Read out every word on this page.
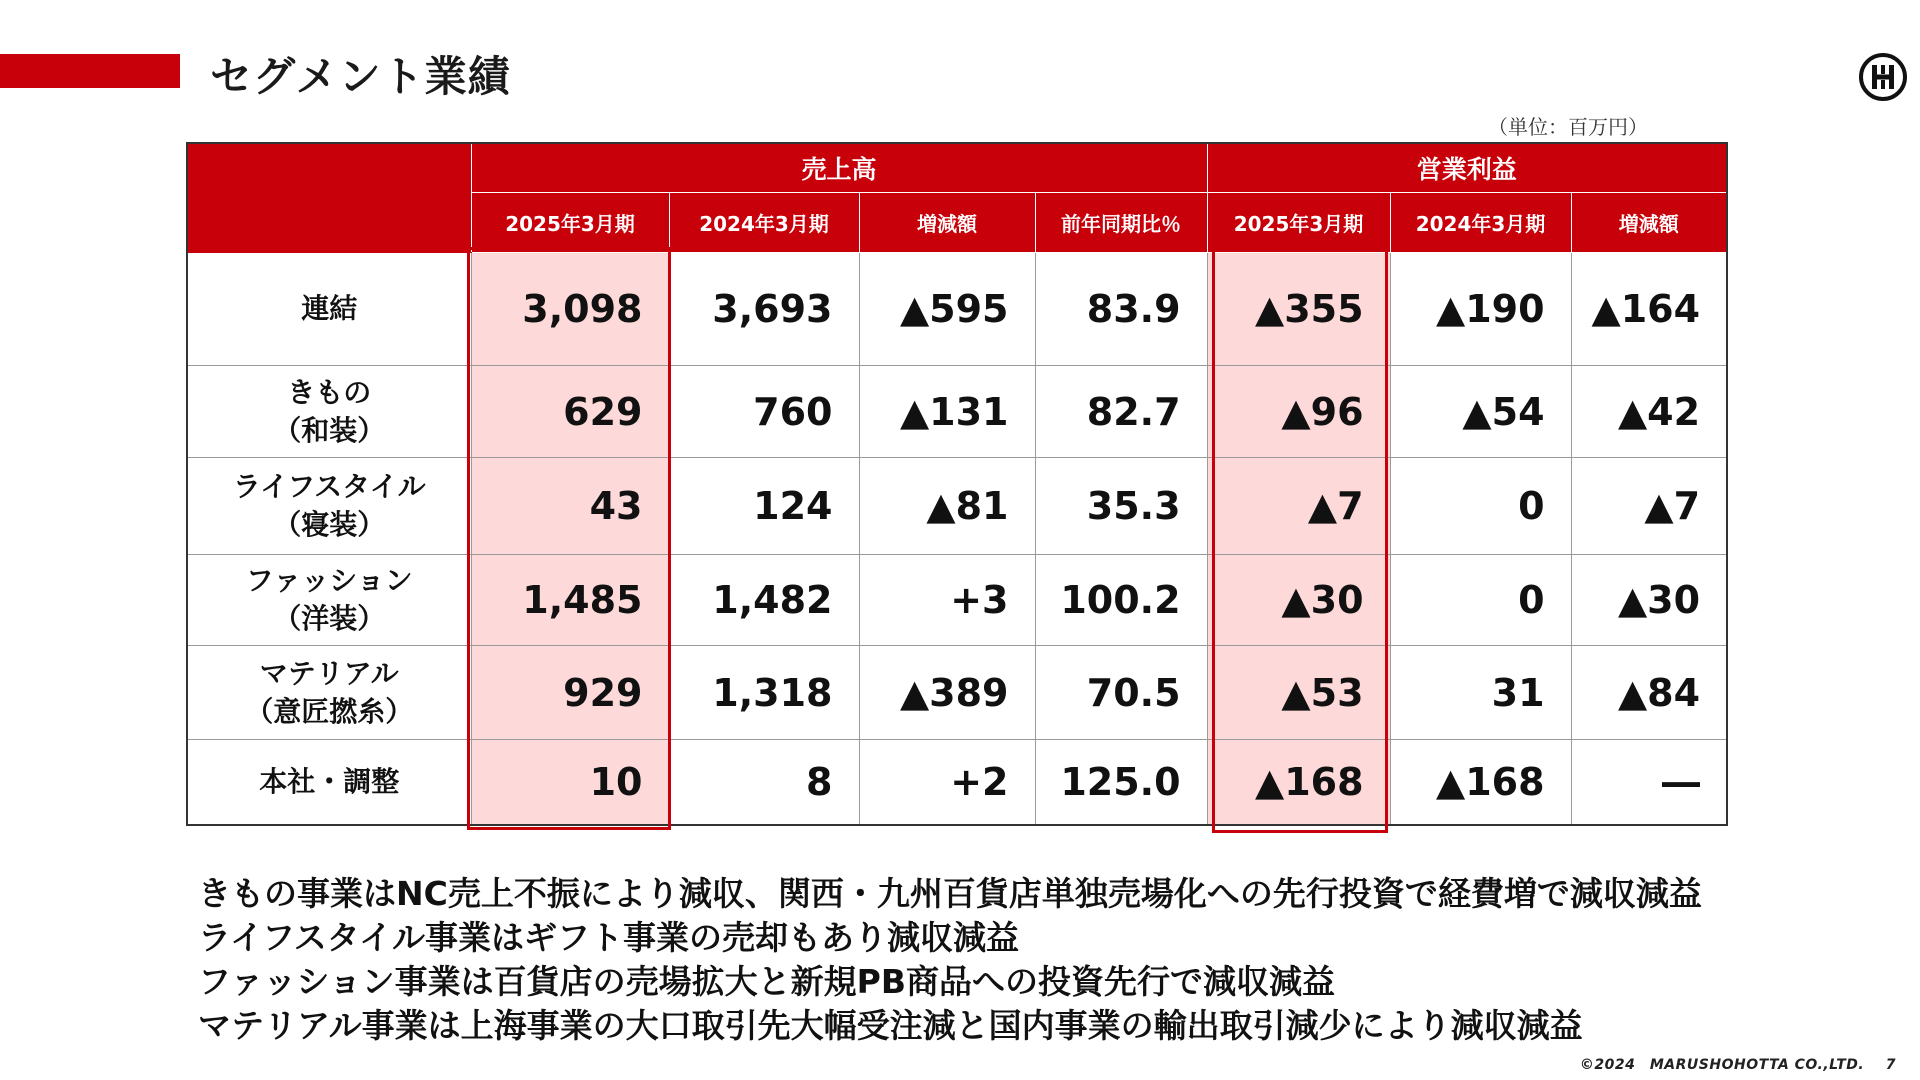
セグメント業績
（単位：百万円）
	売上高				営業利益		
	2025年3月期	2024年3月期	増減額	前年同期比％	2025年3月期	2024年3月期	増減額
連結	3,098	3,693	▲595	83.9	▲355	▲190	▲164

きもの
（和装）	629	760	▲131	82.7	▲96	▲54	▲42

ライフスタイル
（寝装）	43	124	▲81	35.3	▲7	0	▲7

ファッション
（洋装）	1,485	1,482	+3	100.2	▲30	0	▲30

マテリアル
（意匠撚糸）	929	1,318	▲389	70.5	▲53	31	▲84
本社・調整	10	8	+2	125.0	▲168	▲168	―
きもの事業はNC売上不振により減収、関西・九州百貨店単独売場化への先行投資で経費増で減収減益
ライフスタイル事業はギフト事業の売却もあり減収減益
ファッション事業は百貨店の売場拡大と新規PB商品への投資先行で減収減益
マテリアル事業は上海事業の大口取引先大幅受注減と国内事業の輸出取引減少により減収減益
©2024　MARUSHOHOTTA CO.,LTD. 7
